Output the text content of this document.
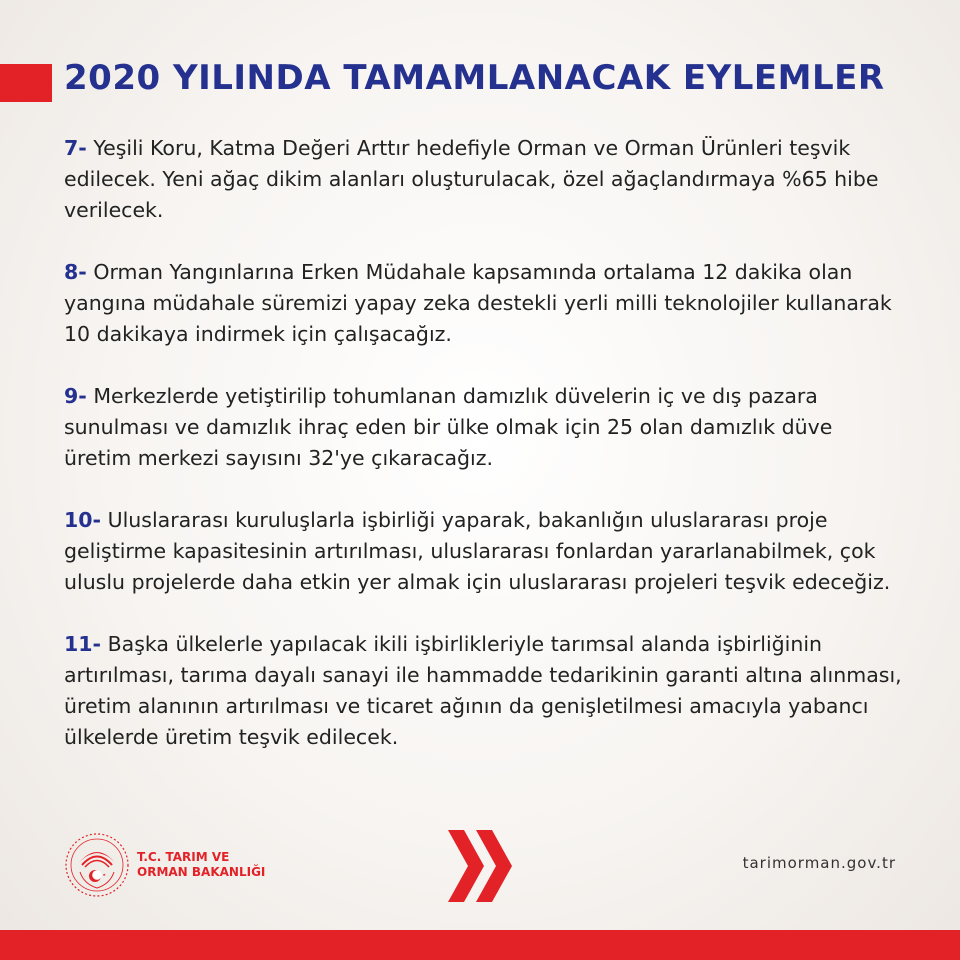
2020 YILINDA TAMAMLANACAK EYLEMLER

7- Yeşili Koru, Katma Değeri Arttır hedefiyle Orman ve Orman Ürünleri teşvik edilecek. Yeni ağaç dikim alanları oluşturulacak, özel ağaçlandırmaya %65 hibe verilecek.

8- Orman Yangınlarına Erken Müdahale kapsamında ortalama 12 dakika olan yangına müdahale süremizi yapay zeka destekli yerli milli teknolojiler kullanarak 10 dakikaya indirmek için çalışacağız.

9- Merkezlerde yetiştirilip tohumlanan damızlık düvelerin iç ve dış pazara sunulması ve damızlık ihraç eden bir ülke olmak için 25 olan damızlık düve üretim merkezi sayısını 32'ye çıkaracağız.

10- Uluslararası kuruluşlarla işbirliği yaparak, bakanlığın uluslararası proje geliştirme kapasitesinin artırılması, uluslararası fonlardan yararlanabilmek, çok uluslu projelerde daha etkin yer almak için uluslararası projeleri teşvik edeceğiz.

11- Başka ülkelerle yapılacak ikili işbirlikleriyle tarımsal alanda işbirliğinin artırılması, tarıma dayalı sanayi ile hammadde tedarikinin garanti altına alınması, üretim alanının artırılması ve ticaret ağının da genişletilmesi amacıyla yabancı ülkelerde üretim teşvik edilecek.

T.C. TARIM VE
ORMAN BAKANLIĞI	tarimorman.gov.tr
